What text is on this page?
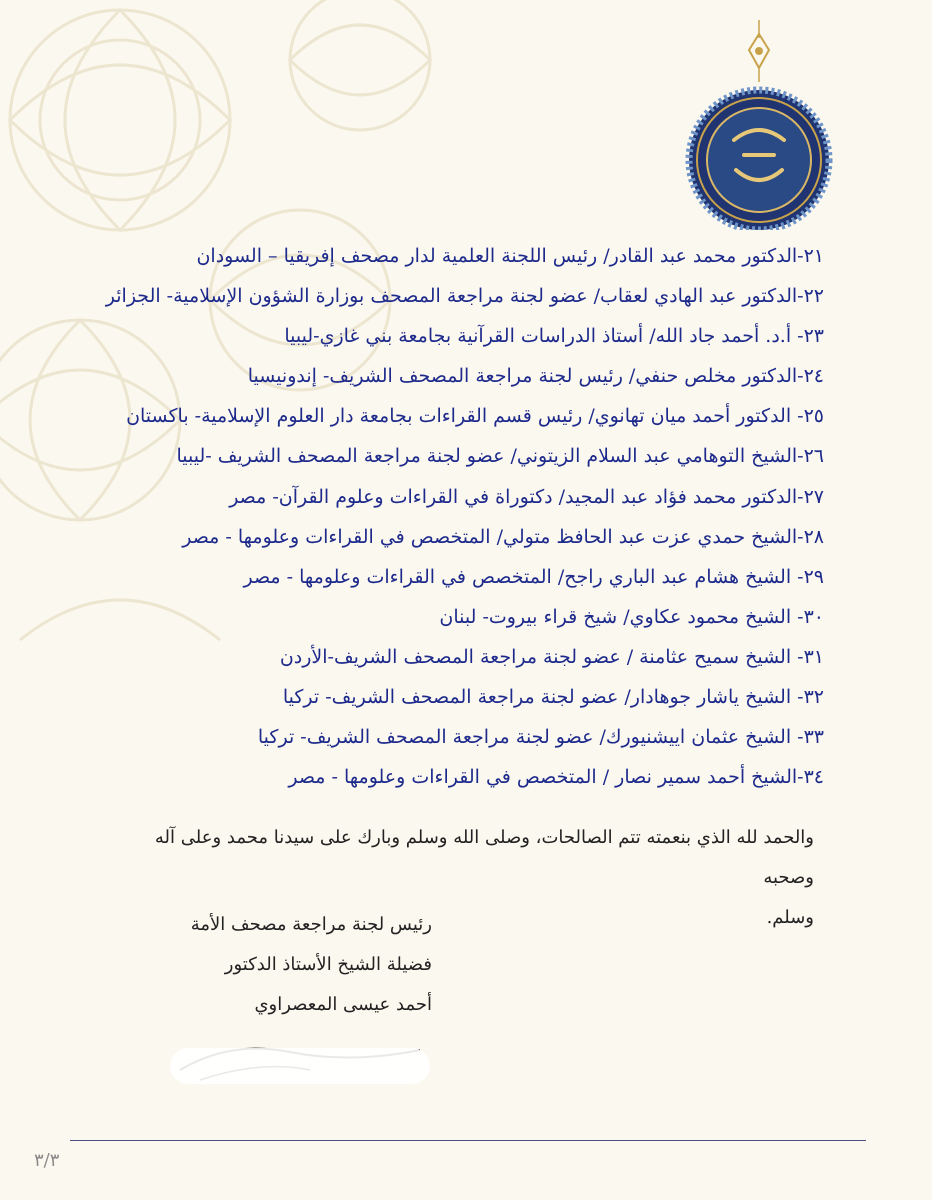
٢١-الدكتور محمد عبد القادر/ رئيس اللجنة العلمية لدار مصحف إفريقيا – السودان
٢٢-الدكتور عبد الهادي لعقاب/ عضو لجنة مراجعة المصحف بوزارة الشؤون الإسلامية- الجزائر
٢٣- أ.د. أحمد جاد الله/ أستاذ الدراسات القرآنية بجامعة بني غازي-ليبيا
٢٤-الدكتور مخلص حنفي/ رئيس لجنة مراجعة المصحف الشريف- إندونيسيا
٢٥- الدكتور أحمد ميان تهانوي/ رئيس قسم القراءات بجامعة دار العلوم الإسلامية- باكستان
٢٦-الشيخ التوهامي عبد السلام الزيتوني/ عضو لجنة مراجعة المصحف الشريف -ليبيا
٢٧-الدكتور محمد فؤاد عبد المجيد/ دكتوراة في القراءات وعلوم القرآن- مصر
٢٨-الشيخ حمدي عزت عبد الحافظ متولي/ المتخصص في القراءات وعلومها - مصر
٢٩- الشيخ هشام عبد الباري راجح/ المتخصص في القراءات وعلومها - مصر
٣٠- الشيخ محمود عكاوي/ شيخ قراء بيروت- لبنان
٣١- الشيخ سميح عثامنة / عضو لجنة مراجعة المصحف الشريف-الأردن
٣٢- الشيخ ياشار جوهادار/ عضو لجنة مراجعة المصحف الشريف- تركيا
٣٣- الشيخ عثمان اييشنيورك/ عضو لجنة مراجعة المصحف الشريف- تركيا
٣٤-الشيخ أحمد سمير نصار / المتخصص في القراءات وعلومها - مصر
والحمد لله الذي بنعمته تتم الصالحات، وصلى الله وسلم وبارك على سيدنا محمد وعلى آله وصحبه
وسلم.
رئيس لجنة مراجعة مصحف الأمة
فضيلة الشيخ الأستاذ الدكتور
أحمد عيسى المعصراوي
٣/٣
